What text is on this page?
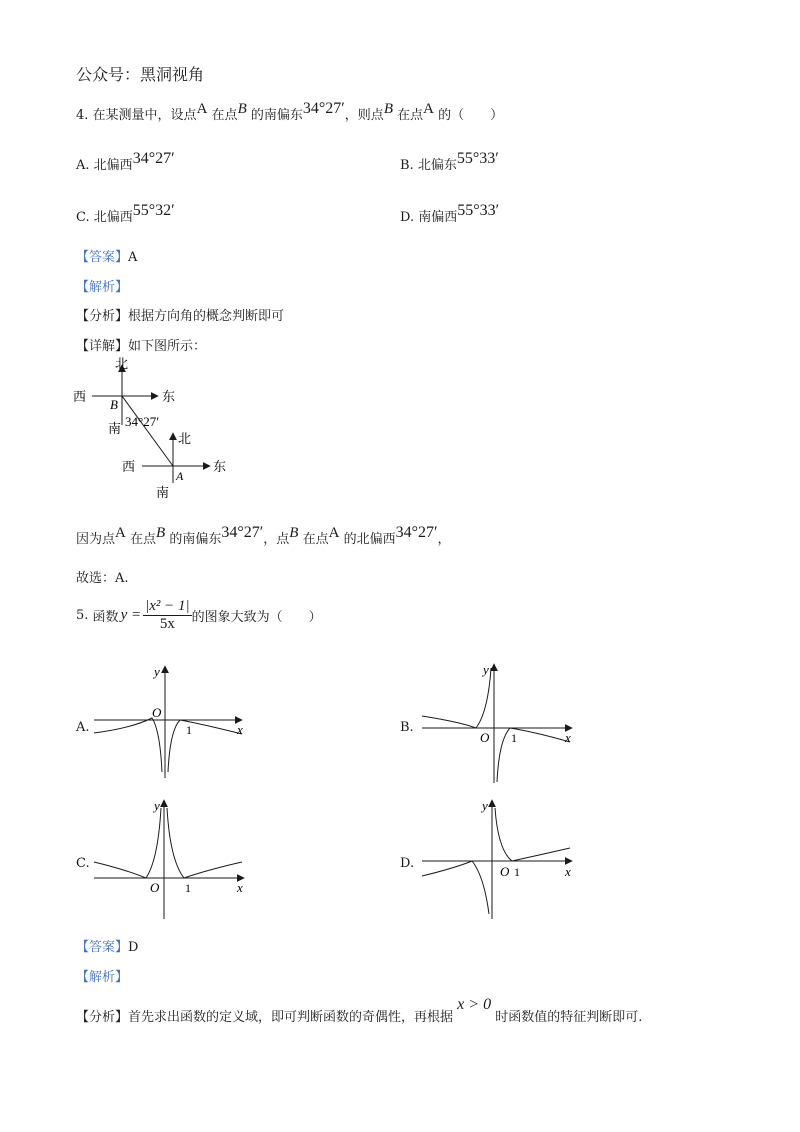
公众号：黑洞视角
4. 在某测量中，设点A 在点B 的南偏东34°27′，则点B 在点A 的（　　）
A. 北偏西34°27′	B. 北偏东55°33′
C. 北偏西55°32′	D. 南偏西55°33′
【答案】A
【解析】
【分析】根据方向角的概念判断即可
【详解】如下图所示：
北
西	东
B
南 34°27′
北
西	东
A
南
因为点A 在点B 的南偏东34°27′，点B 在点A 的北偏西34°27′，
故选：A.
5.
函数 $y = \frac{\text{|x² − 1|}}{5x}$ 的图象大致为（　　）
A.
y
O
1	x	B.
y
O 1	x
C.
y
O 1	x
D.
y
O 1	x
【答案】D
【解析】
【分析】首先求出函数的定义域，即可判断函数的奇偶性，再根据 x > 0 时函数值的特征判断即可.
